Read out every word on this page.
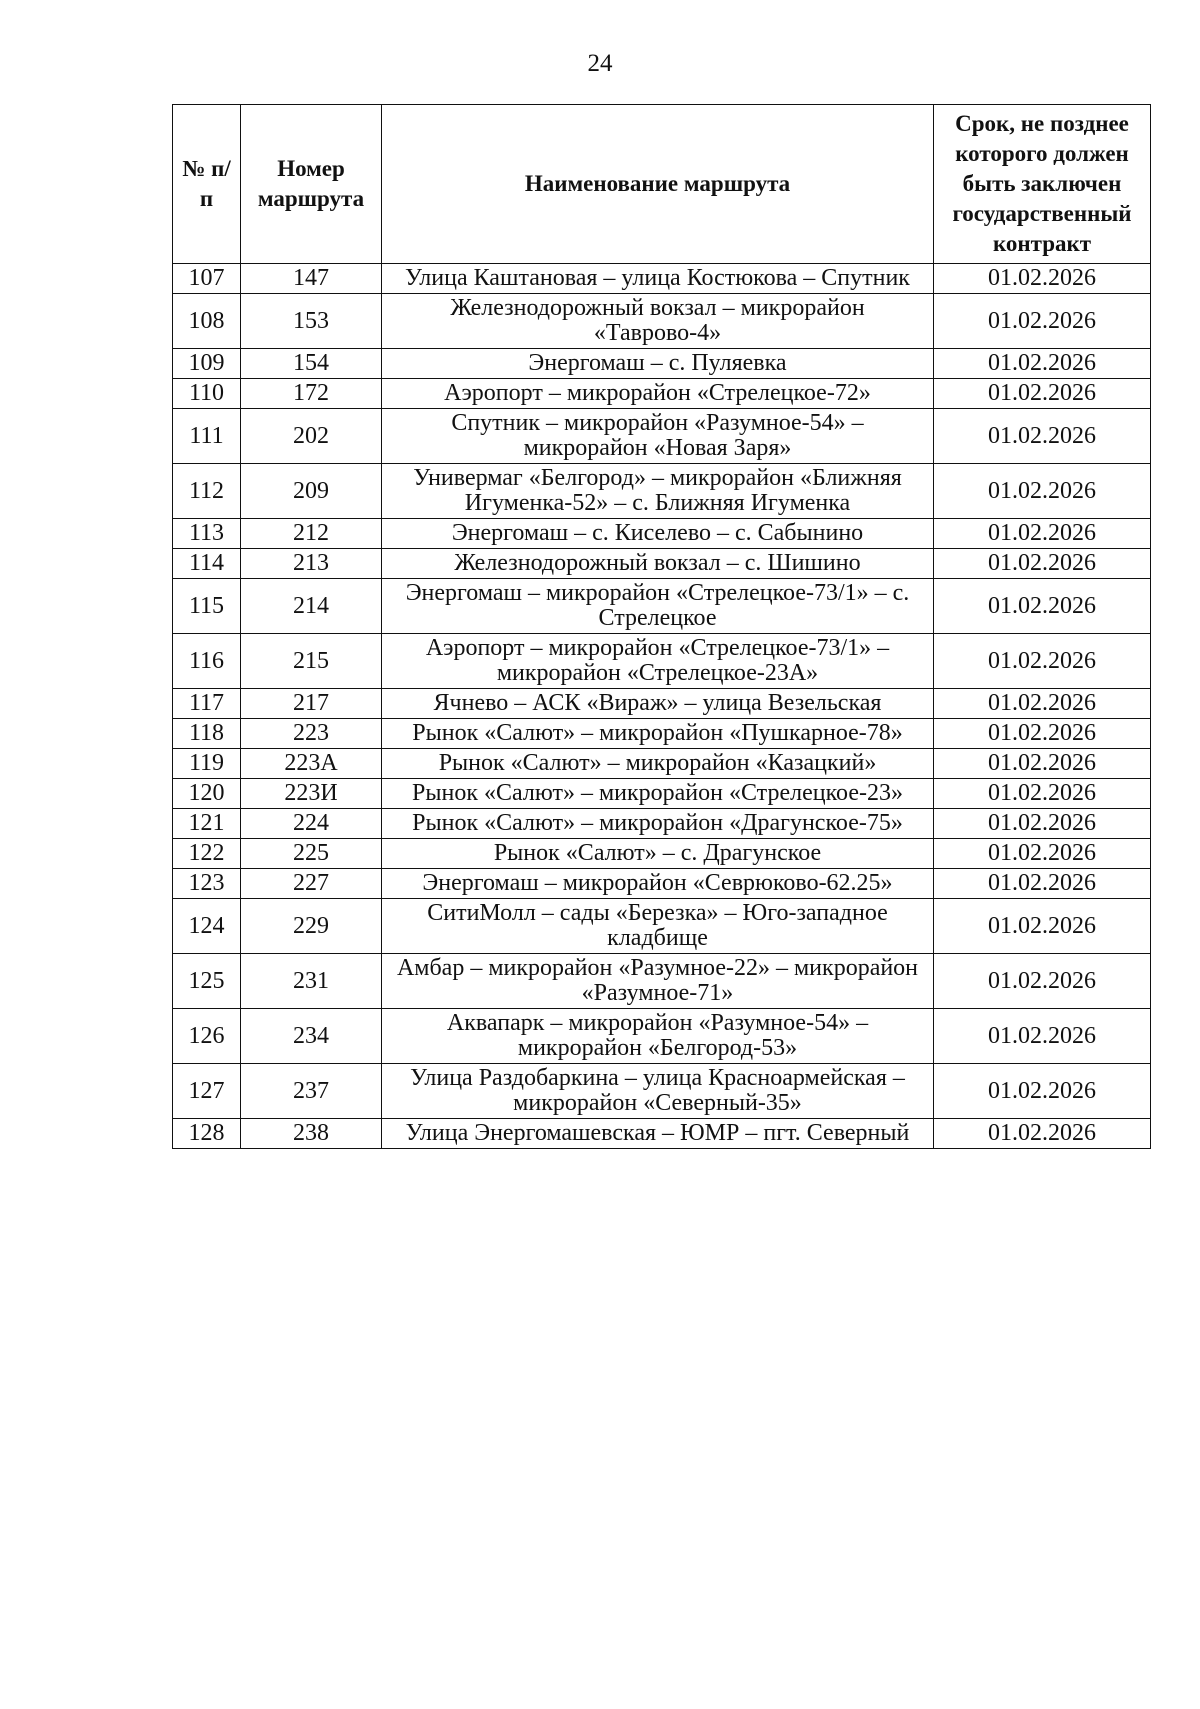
24
№ п/п	Номер маршрута	Наименование маршрута	Срок, не позднее которого должен быть заключен государственный контракт
107	147	Улица Каштановая – улица Костюкова – Спутник	01.02.2026
108	153	Железнодорожный вокзал – микрорайон «Таврово-4»	01.02.2026
109	154	Энергомаш – с. Пуляевка	01.02.2026
110	172	Аэропорт – микрорайон «Стрелецкое-72»	01.02.2026
111	202	Спутник – микрорайон «Разумное-54» – микрорайон «Новая Заря»	01.02.2026
112	209	Универмаг «Белгород» – микрорайон «Ближняя Игуменка-52» – с. Ближняя Игуменка	01.02.2026
113	212	Энергомаш – с. Киселево – с. Сабынино	01.02.2026
114	213	Железнодорожный вокзал – с. Шишино	01.02.2026
115	214	Энергомаш – микрорайон «Стрелецкое-73/1» – с. Стрелецкое	01.02.2026
116	215	Аэропорт – микрорайон «Стрелецкое-73/1» – микрорайон «Стрелецкое-23А»	01.02.2026
117	217	Ячнево – АСК «Вираж» – улица Везельская	01.02.2026
118	223	Рынок «Салют» – микрорайон «Пушкарное-78»	01.02.2026
119	223А	Рынок «Салют» – микрорайон «Казацкий»	01.02.2026
120	223И	Рынок «Салют» – микрорайон «Стрелецкое-23»	01.02.2026
121	224	Рынок «Салют» – микрорайон «Драгунское-75»	01.02.2026
122	225	Рынок «Салют» – с. Драгунское	01.02.2026
123	227	Энергомаш – микрорайон «Севрюково-62.25»	01.02.2026
124	229	СитиМолл – сады «Березка» – Юго-западное кладбище	01.02.2026
125	231	Амбар – микрорайон «Разумное-22» – микрорайон «Разумное-71»	01.02.2026
126	234	Аквапарк – микрорайон «Разумное-54» – микрорайон «Белгород-53»	01.02.2026
127	237	Улица Раздобаркина – улица Красноармейская – микрорайон «Северный-35»	01.02.2026
128	238	Улица Энергомашевская – ЮМР – пгт. Северный	01.02.2026
